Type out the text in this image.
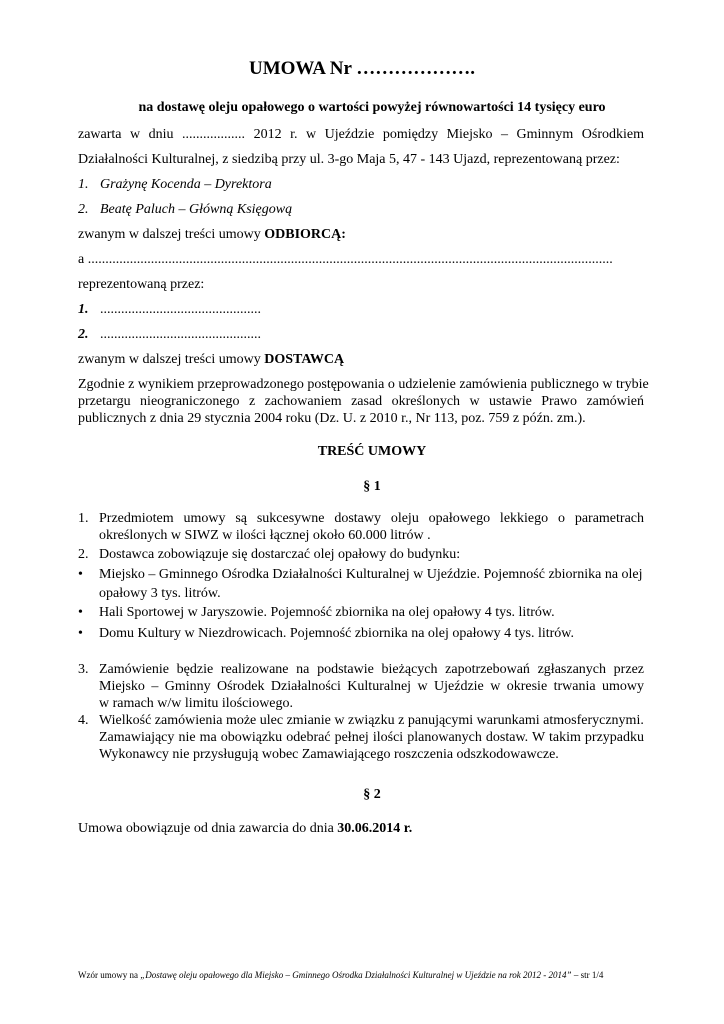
UMOWA Nr ……………….
na dostawę oleju opałowego o wartości powyżej równowartości 14 tysięcy euro
zawarta w dniu .................. 2012 r. w Ujeździe pomiędzy Miejsko – Gminnym Ośrodkiem
Działalności Kulturalnej, z siedzibą przy ul. 3-go Maja 5, 47 - 143 Ujazd, reprezentowaną przez:
1. Grażynę Kocenda – Dyrektora
2. Beatę Paluch – Główną Księgową
zwanym w dalszej treści umowy ODBIORCĄ:
a ......................................................................................................................................................
reprezentowaną przez:
1. ..............................................
2. ..............................................
zwanym w dalszej treści umowy DOSTAWCĄ
Zgodnie z wynikiem przeprowadzonego postępowania o udzielenie zamówienia publicznego w trybie
przetargu nieograniczonego z zachowaniem zasad określonych w ustawie Prawo zamówień
publicznych z dnia 29 stycznia 2004 roku (Dz. U. z 2010 r., Nr 113, poz. 759 z późn. zm.).
TREŚĆ UMOWY
§ 1
1. Przedmiotem umowy są sukcesywne dostawy oleju opałowego lekkiego o parametrach
określonych w SIWZ w ilości łącznej około 60.000 litrów .
2. Dostawca zobowiązuje się dostarczać olej opałowy do budynku:
• Miejsko – Gminnego Ośrodka Działalności Kulturalnej w Ujeździe. Pojemność zbiornika na olej
opałowy 3 tys. litrów.
• Hali Sportowej w Jaryszowie. Pojemność zbiornika na olej opałowy 4 tys. litrów.
• Domu Kultury w Niezdrowicach. Pojemność zbiornika na olej opałowy 4 tys. litrów.
3. Zamówienie będzie realizowane na podstawie bieżących zapotrzebowań zgłaszanych przez
Miejsko – Gminny Ośrodek Działalności Kulturalnej w Ujeździe w okresie trwania umowy
w ramach w/w limitu ilościowego.
4. Wielkość zamówienia może ulec zmianie w związku z panującymi warunkami atmosferycznymi.
Zamawiający nie ma obowiązku odebrać pełnej ilości planowanych dostaw. W takim przypadku
Wykonawcy nie przysługują wobec Zamawiającego roszczenia odszkodowawcze.
§ 2
Umowa obowiązuje od dnia zawarcia do dnia 30.06.2014 r.
Wzór umowy na „Dostawę oleju opałowego dla Miejsko – Gminnego Ośrodka Działalności Kulturalnej w Ujeździe na rok 2012 - 2014” – str 1/4
